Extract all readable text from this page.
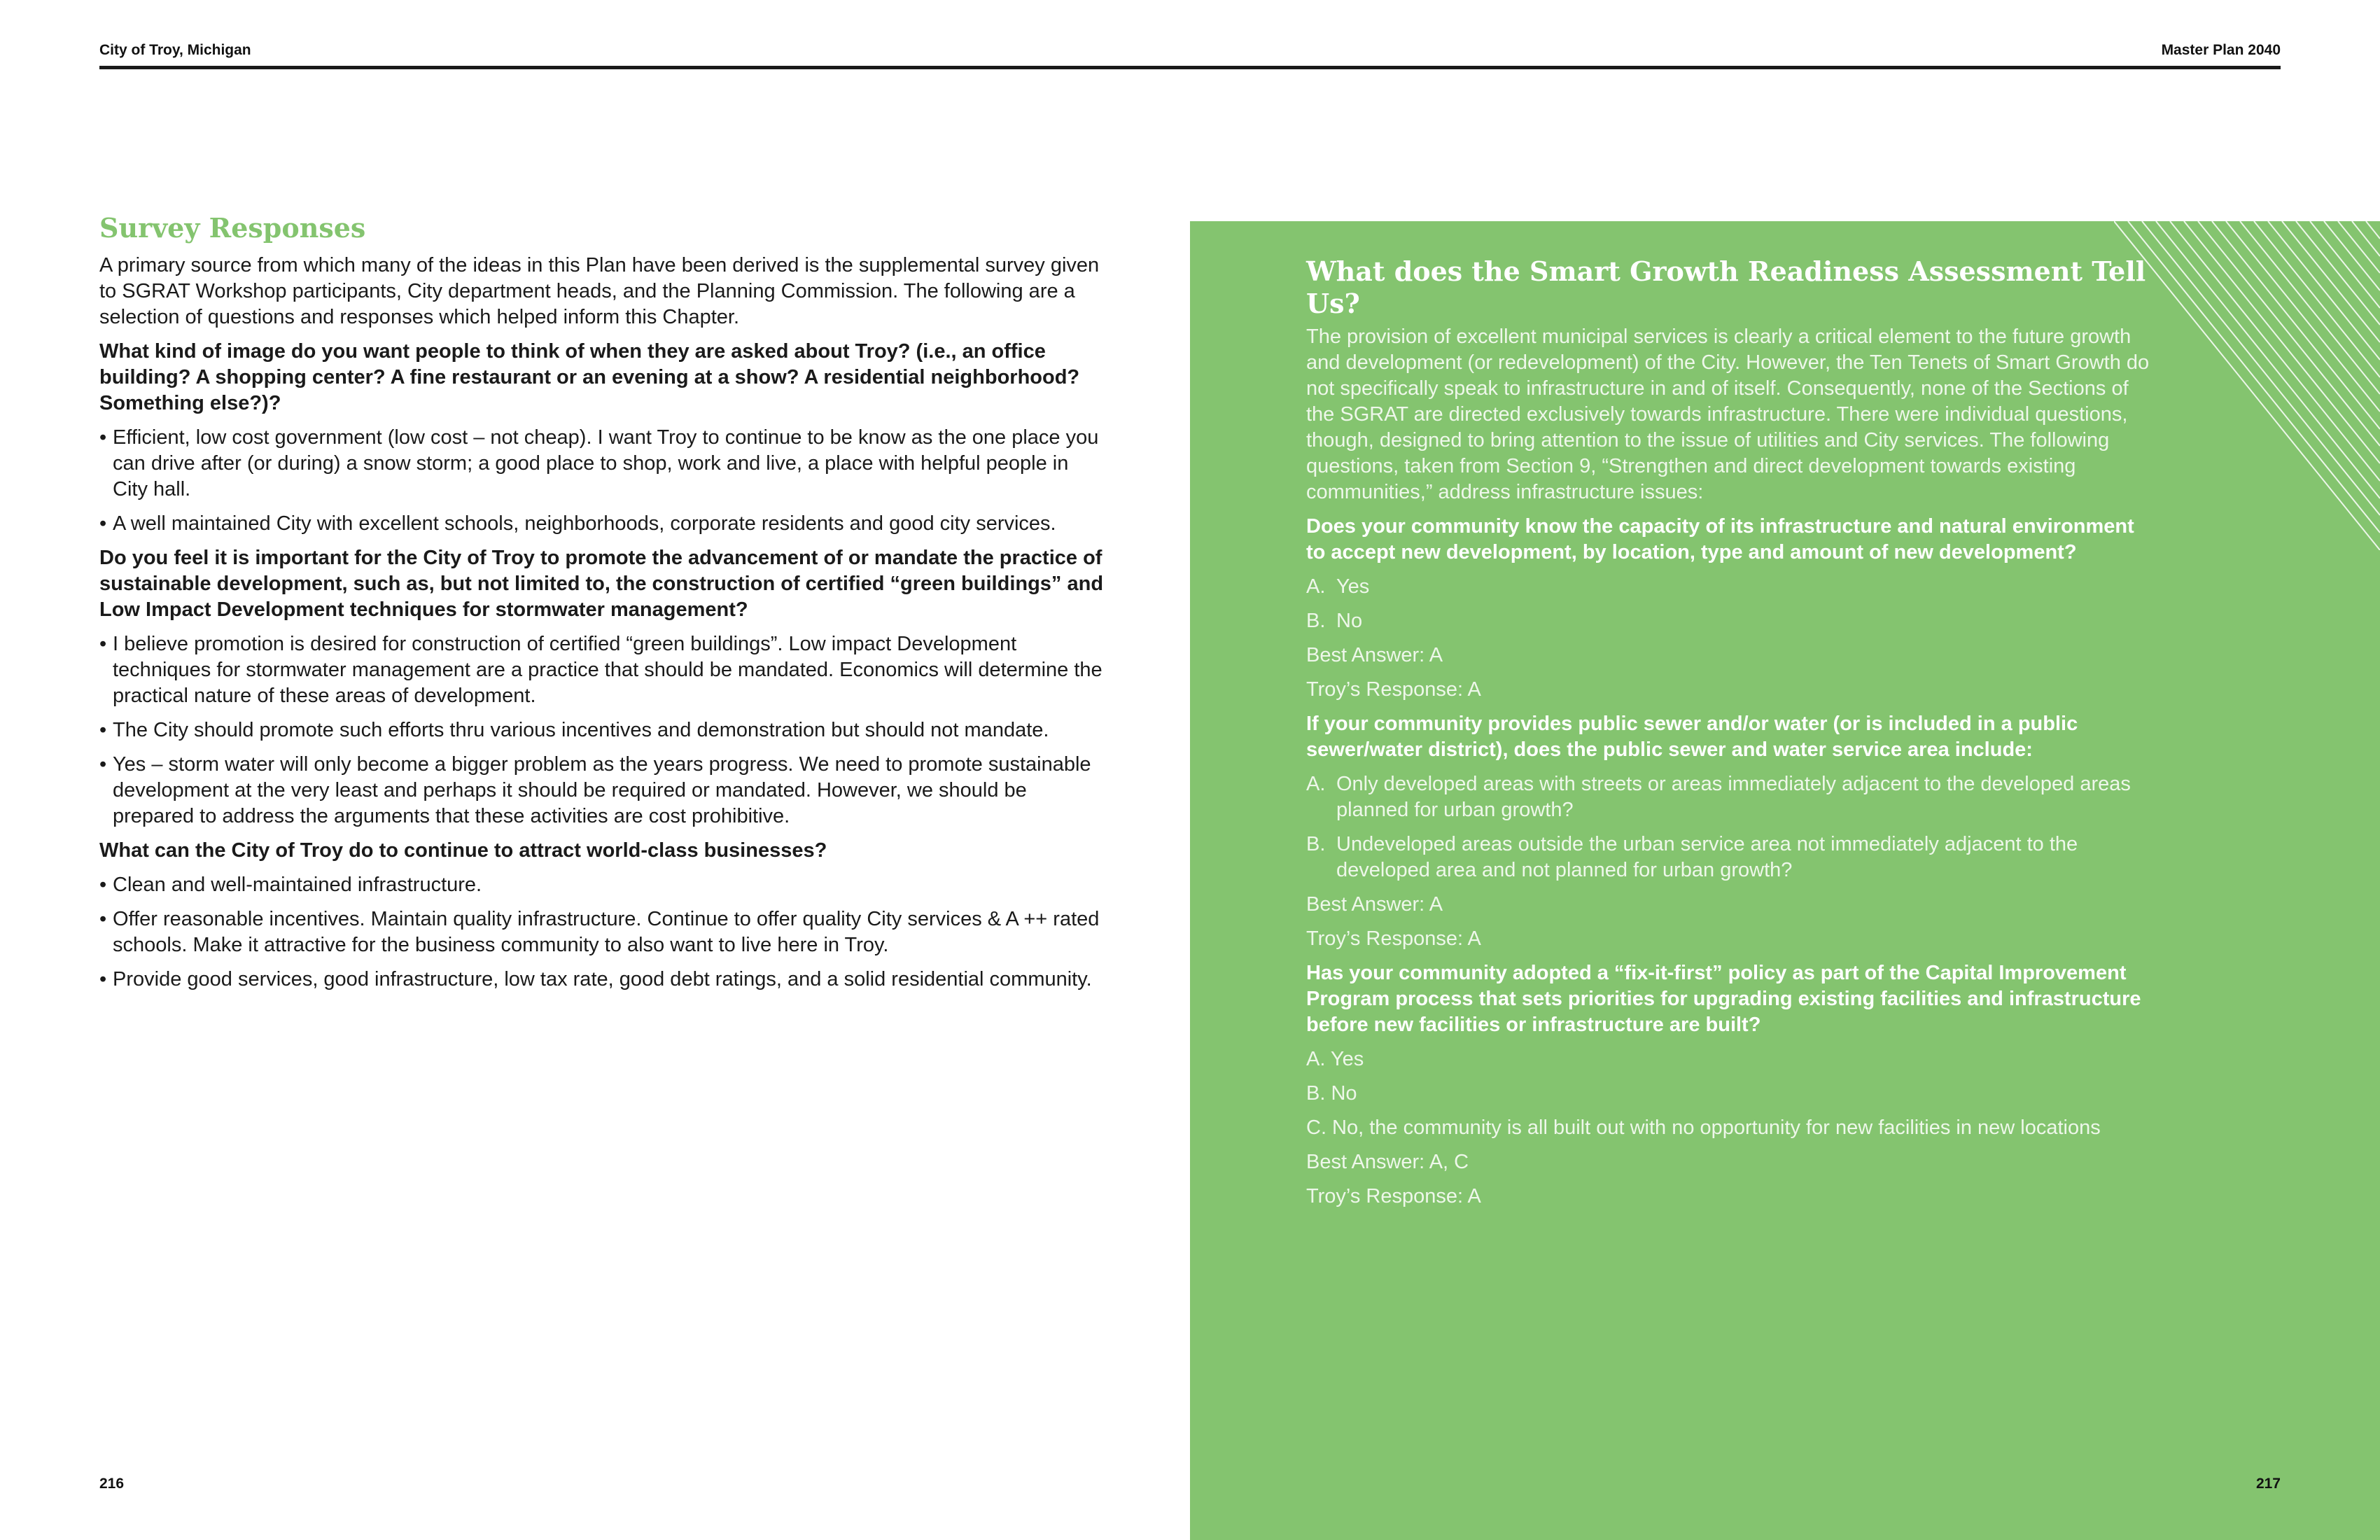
City of Troy, Michigan	Master Plan 2040
Survey Responses

A primary source from which many of the ideas in this Plan have been derived is the supplemental survey given to SGRAT Workshop participants, City department heads, and the Planning Commission. The following are a selection of questions and responses which helped inform this Chapter.

What kind of image do you want people to think of when they are asked about Troy? (i.e., an office building? A shopping center? A fine restaurant or an evening at a show? A residential neighborhood? Something else?)?

• Efficient, low cost government (low cost – not cheap). I want Troy to continue to be know as the one place you can drive after (or during) a snow storm; a good place to shop, work and live, a place with helpful people in City hall.
• A well maintained City with excellent schools, neighborhoods, corporate residents and good city services.

Do you feel it is important for the City of Troy to promote the advancement of or mandate the practice of sustainable development, such as, but not limited to, the construction of certified “green buildings” and Low Impact Development techniques for stormwater management?

• I believe promotion is desired for construction of certified “green buildings”. Low impact Development techniques for stormwater management are a practice that should be mandated. Economics will determine the practical nature of these areas of development.
• The City should promote such efforts thru various incentives and demonstration but should not mandate.
• Yes – storm water will only become a bigger problem as the years progress. We need to promote sustainable development at the very least and perhaps it should be required or mandated. However, we should be prepared to address the arguments that these activities are cost prohibitive.

What can the City of Troy do to continue to attract world-class businesses?

• Clean and well-maintained infrastructure.
• Offer reasonable incentives. Maintain quality infrastructure. Continue to offer quality City services & A ++ rated schools. Make it attractive for the business community to also want to live here in Troy.
• Provide good services, good infrastructure, low tax rate, good debt ratings, and a solid residential community.
What does the Smart Growth Readiness Assessment Tell Us?

The provision of excellent municipal services is clearly a critical element to the future growth and development (or redevelopment) of the City. However, the Ten Tenets of Smart Growth do not specifically speak to infrastructure in and of itself. Consequently, none of the Sections of the SGRAT are directed exclusively towards infrastructure. There were individual questions, though, designed to bring attention to the issue of utilities and City services. The following questions, taken from Section 9, “Strengthen and direct development towards existing communities,” address infrastructure issues:

Does your community know the capacity of its infrastructure and natural environment to accept new development, by location, type and amount of new development?

A. Yes
B. No
Best Answer: A
Troy’s Response: A

If your community provides public sewer and/or water (or is included in a public sewer/water district), does the public sewer and water service area include:

A. Only developed areas with streets or areas immediately adjacent to the developed areas planned for urban growth?
B. Undeveloped areas outside the urban service area not immediately adjacent to the developed area and not planned for urban growth?
Best Answer: A
Troy’s Response: A

Has your community adopted a “fix-it-first” policy as part of the Capital Improvement Program process that sets priorities for upgrading existing facilities and infrastructure before new facilities or infrastructure are built?

A. Yes
B. No
C. No, the community is all built out with no opportunity for new facilities in new locations
Best Answer: A, C
Troy’s Response: A
216	217
